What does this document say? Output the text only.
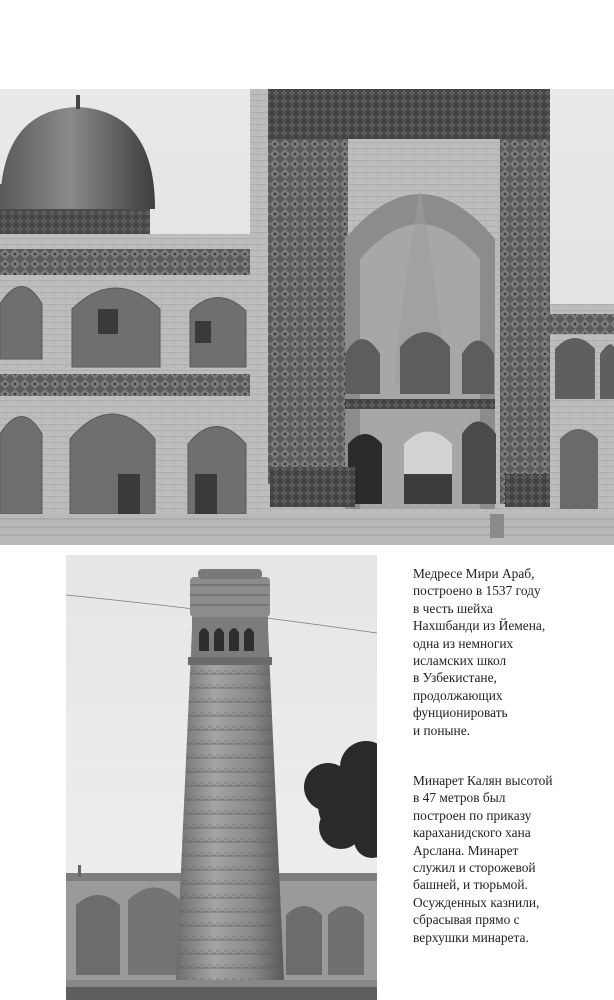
Медресе Мири Араб,
построено в 1537 году
в честь шейха
Нахшбанди из Йемена,
одна из немногих
исламских школ
в Узбекистане,
продолжающих
фунционировать
и поныне.

Минарет Калян высотой
в 47 метров был
построен по приказу
караханидского хана
Арслана. Минарет
служил и сторожевой
башней, и тюрьмой.
Осужденных казнили,
сбрасывая прямо с
верхушки минарета.
